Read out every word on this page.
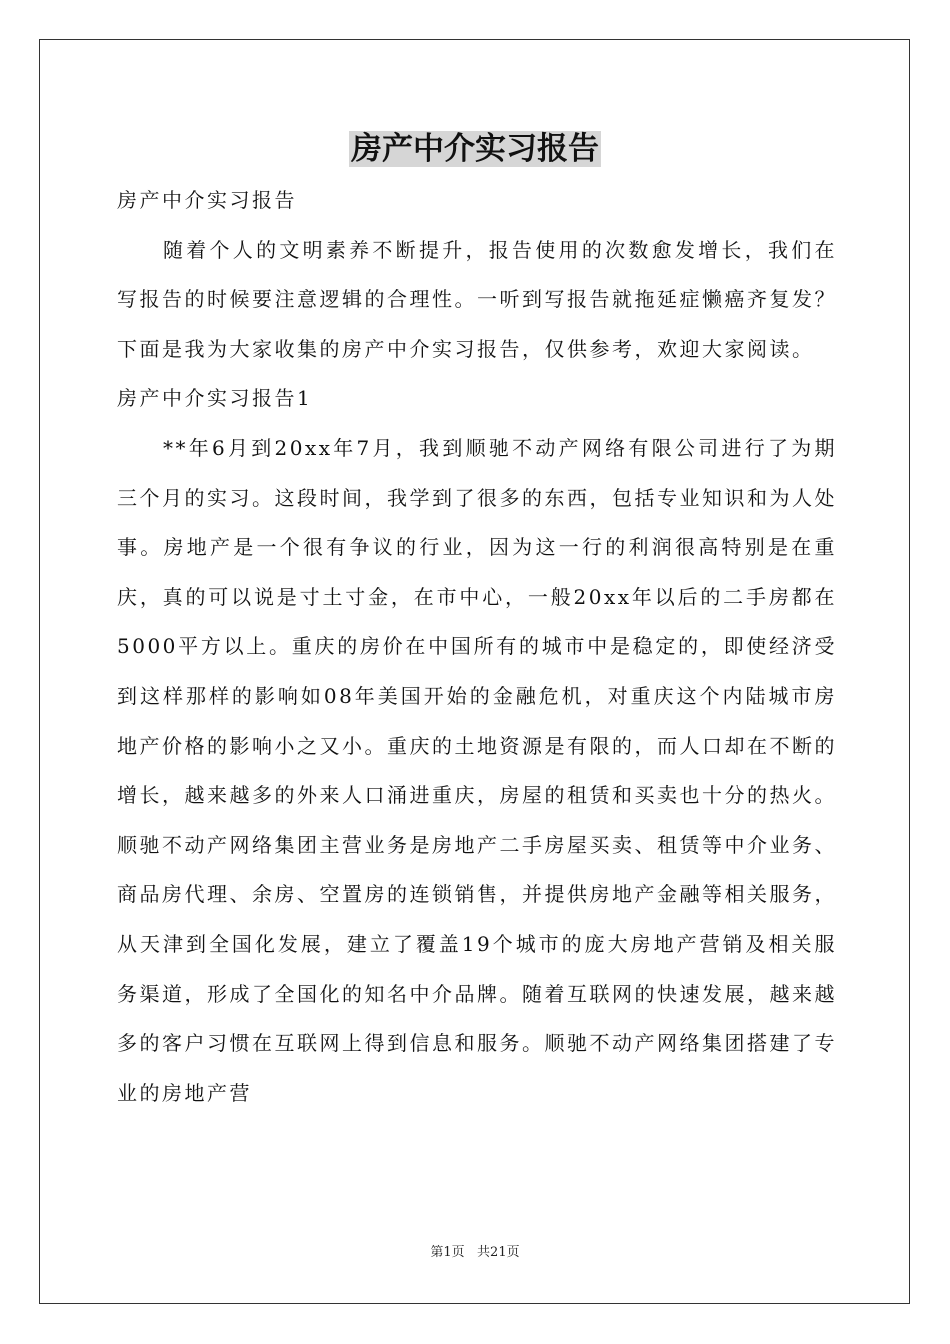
房产中介实习报告

房产中介实习报告

随着个人的文明素养不断提升，报告使用的次数愈发增长，我们在写报告的时候要注意逻辑的合理性。一听到写报告就拖延症懒癌齐复发？下面是我为大家收集的房产中介实习报告，仅供参考，欢迎大家阅读。

房产中介实习报告1

**年6月到20xx年7月，我到顺驰不动产网络有限公司进行了为期三个月的实习。这段时间，我学到了很多的东西，包括专业知识和为人处事。房地产是一个很有争议的行业，因为这一行的利润很高特别是在重庆，真的可以说是寸土寸金，在市中心，一般20xx年以后的二手房都在5000平方以上。重庆的房价在中国所有的城市中是稳定的，即使经济受到这样那样的影响如08年美国开始的金融危机，对重庆这个内陆城市房地产价格的影响小之又小。重庆的土地资源是有限的，而人口却在不断的增长，越来越多的外来人口涌进重庆，房屋的租赁和买卖也十分的热火。顺驰不动产网络集团主营业务是房地产二手房屋买卖、租赁等中介业务、商品房代理、余房、空置房的连锁销售，并提供房地产金融等相关服务，从天津到全国化发展，建立了覆盖19个城市的庞大房地产营销及相关服务渠道，形成了全国化的知名中介品牌。随着互联网的快速发展，越来越多的客户习惯在互联网上得到信息和服务。顺驰不动产网络集团搭建了专业的房地产营

第1页   共21页
